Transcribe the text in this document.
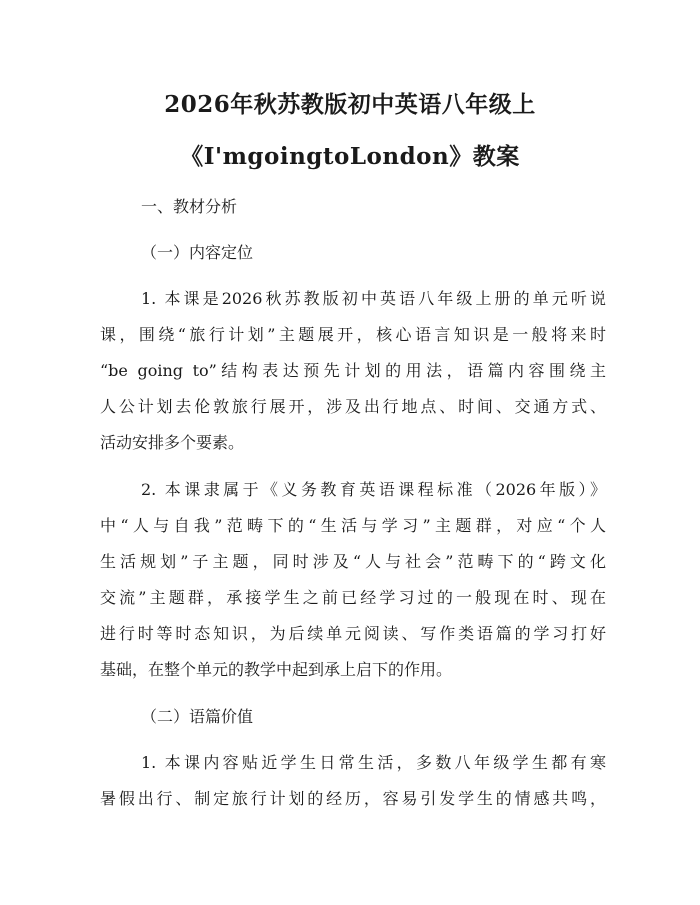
2026年秋苏教版初中英语八年级上
《I'mgoingtoLondon》教案
一、教材分析
（一）内容定位
1. 本课是2026秋苏教版初中英语八年级上册的单元听说
课，围绕“旅行计划”主题展开，核心语言知识是一般将来时
“be going to”结构表达预先计划的用法，语篇内容围绕主
人公计划去伦敦旅行展开，涉及出行地点、时间、交通方式、
活动安排多个要素。
2. 本课隶属于《义务教育英语课程标准（2026年版）》
中“人与自我”范畴下的“生活与学习”主题群，对应“个人
生活规划”子主题，同时涉及“人与社会”范畴下的“跨文化
交流”主题群，承接学生之前已经学习过的一般现在时、现在
进行时等时态知识，为后续单元阅读、写作类语篇的学习打好
基础，在整个单元的教学中起到承上启下的作用。
（二）语篇价值
1. 本课内容贴近学生日常生活，多数八年级学生都有寒
暑假出行、制定旅行计划的经历，容易引发学生的情感共鸣，
